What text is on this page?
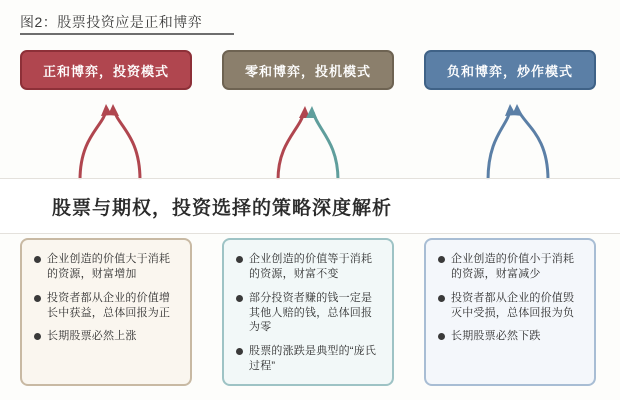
图2：股票投资应是正和博弈
正和博弈，投资模式	零和博弈，投机模式	负和博弈，炒作模式
股票与期权，投资选择的策略深度解析
企业创造的价值大于消耗的资源，财富增加
投资者都从企业的价值增长中获益，总体回报为正
长期股票必然上涨
企业创造的价值等于消耗的资源，财富不变
部分投资者赚的钱一定是其他人赔的钱，总体回报为零
股票的涨跌是典型的“庞氏过程”
企业创造的价值小于消耗的资源，财富减少
投资者都从企业的价值毁灭中受损，总体回报为负
长期股票必然下跌
